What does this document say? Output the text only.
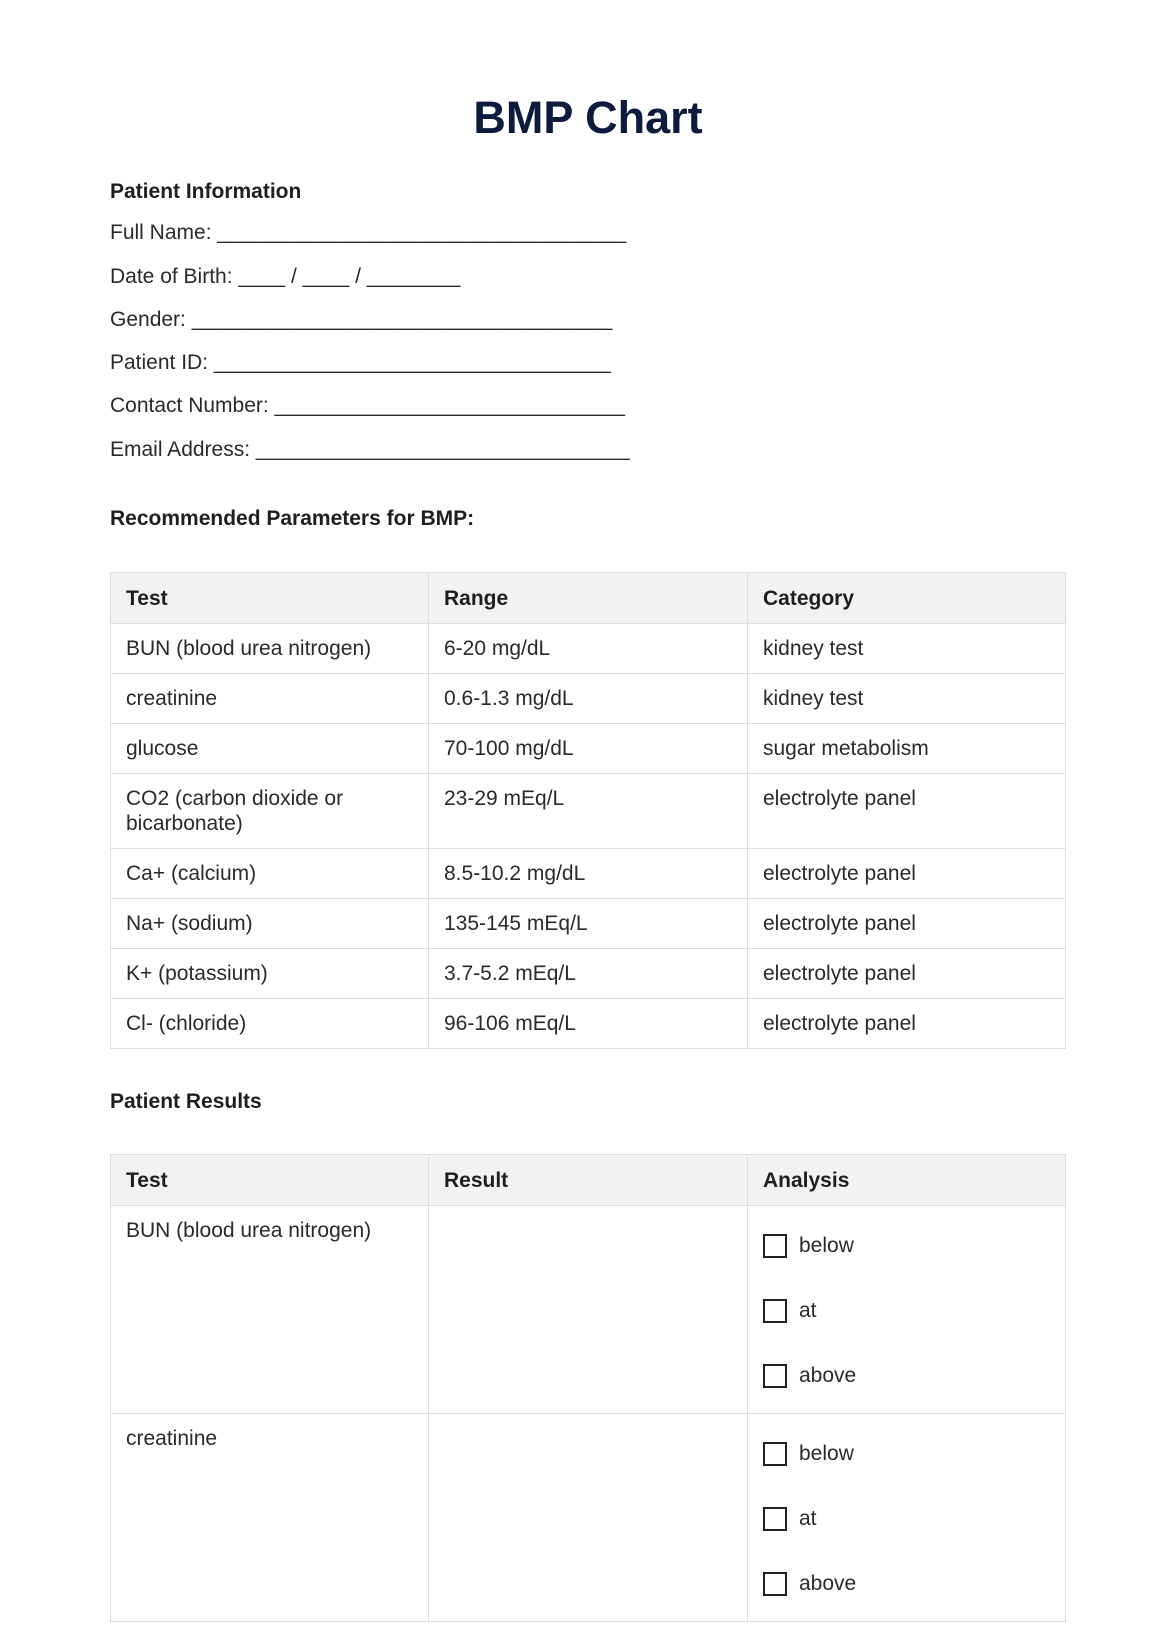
BMP Chart
Patient Information
Full Name: ___________________________________
Date of Birth: ____ / ____ / ________
Gender: ____________________________________
Patient ID: __________________________________
Contact Number: ______________________________
Email Address: ________________________________
Recommended Parameters for BMP:
Test	Range	Category
BUN (blood urea nitrogen)	6-20 mg/dL	kidney test
creatinine	0.6-1.3 mg/dL	kidney test
glucose	70-100 mg/dL	sugar metabolism
CO2 (carbon dioxide or bicarbonate)	23-29 mEq/L	electrolyte panel
Ca+ (calcium)	8.5-10.2 mg/dL	electrolyte panel
Na+ (sodium)	135-145 mEq/L	electrolyte panel
K+ (potassium)	3.7-5.2 mEq/L	electrolyte panel
Cl- (chloride)	96-106 mEq/L	electrolyte panel
Patient Results
Test	Result	Analysis
BUN (blood urea nitrogen)		below
at
above

creatinine		below
at
above
